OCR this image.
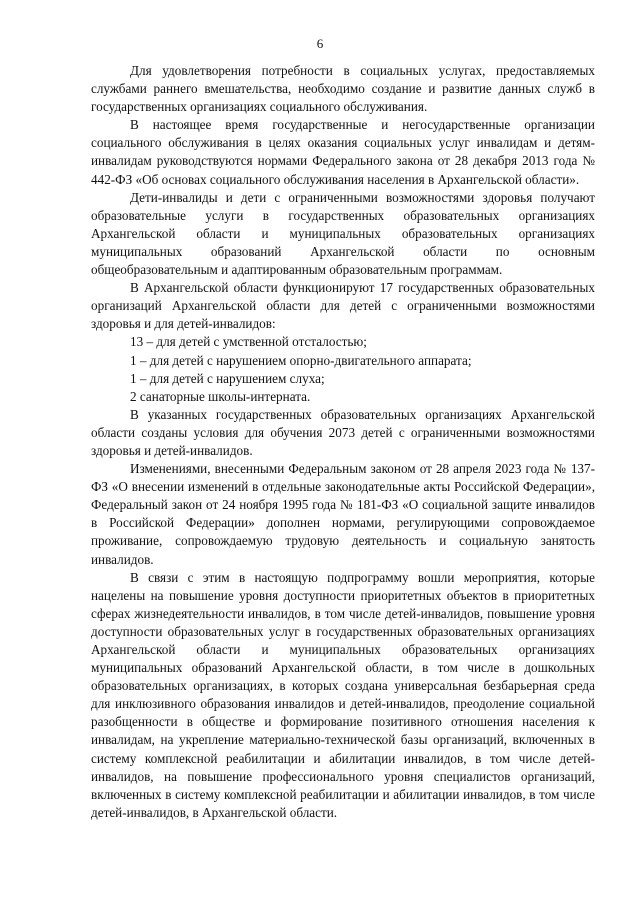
6

Для удовлетворения потребности в социальных услугах, предоставляемых службами раннего вмешательства, необходимо создание и развитие данных служб в государственных организациях социального обслуживания.

В настоящее время государственные и негосударственные организации социального обслуживания в целях оказания социальных услуг инвалидам и детям-инвалидам руководствуются нормами Федерального закона от 28 декабря 2013 года № 442-ФЗ «Об основах социального обслуживания населения в Архангельской области».

Дети-инвалиды и дети с ограниченными возможностями здоровья получают образовательные услуги в государственных образовательных организациях Архангельской области и муниципальных образовательных организациях муниципальных образований Архангельской области по основным общеобразовательным и адаптированным образовательным программам.

В Архангельской области функционируют 17 государственных образовательных организаций Архангельской области для детей с ограниченными возможностями здоровья и для детей-инвалидов:

13 – для детей с умственной отсталостью;

1 – для детей с нарушением опорно-двигательного аппарата;

1 – для детей с нарушением слуха;

2 санаторные школы-интерната.

В указанных государственных образовательных организациях Архангельской области созданы условия для обучения 2073 детей с ограниченными возможностями здоровья и детей-инвалидов.

Изменениями, внесенными Федеральным законом от 28 апреля 2023 года № 137-ФЗ «О внесении изменений в отдельные законодательные акты Российской Федерации», Федеральный закон от 24 ноября 1995 года № 181-ФЗ «О социальной защите инвалидов в Российской Федерации» дополнен нормами, регулирующими сопровождаемое проживание, сопровождаемую трудовую деятельность и социальную занятость инвалидов.

В связи с этим в настоящую подпрограмму вошли мероприятия, которые нацелены на повышение уровня доступности приоритетных объектов в приоритетных сферах жизнедеятельности инвалидов, в том числе детей-инвалидов, повышение уровня доступности образовательных услуг в государственных образовательных организациях Архангельской области и муниципальных образовательных организациях муниципальных образований Архангельской области, в том числе в дошкольных образовательных организациях, в которых создана универсальная безбарьерная среда для инклюзивного образования инвалидов и детей-инвалидов, преодоление социальной разобщенности в обществе и формирование позитивного отношения населения к инвалидам, на укрепление материально-технической базы организаций, включенных в систему комплексной реабилитации и абилитации инвалидов, в том числе детей-инвалидов, на повышение профессионального уровня специалистов организаций, включенных в систему комплексной реабилитации и абилитации инвалидов, в том числе детей-инвалидов, в Архангельской области.
